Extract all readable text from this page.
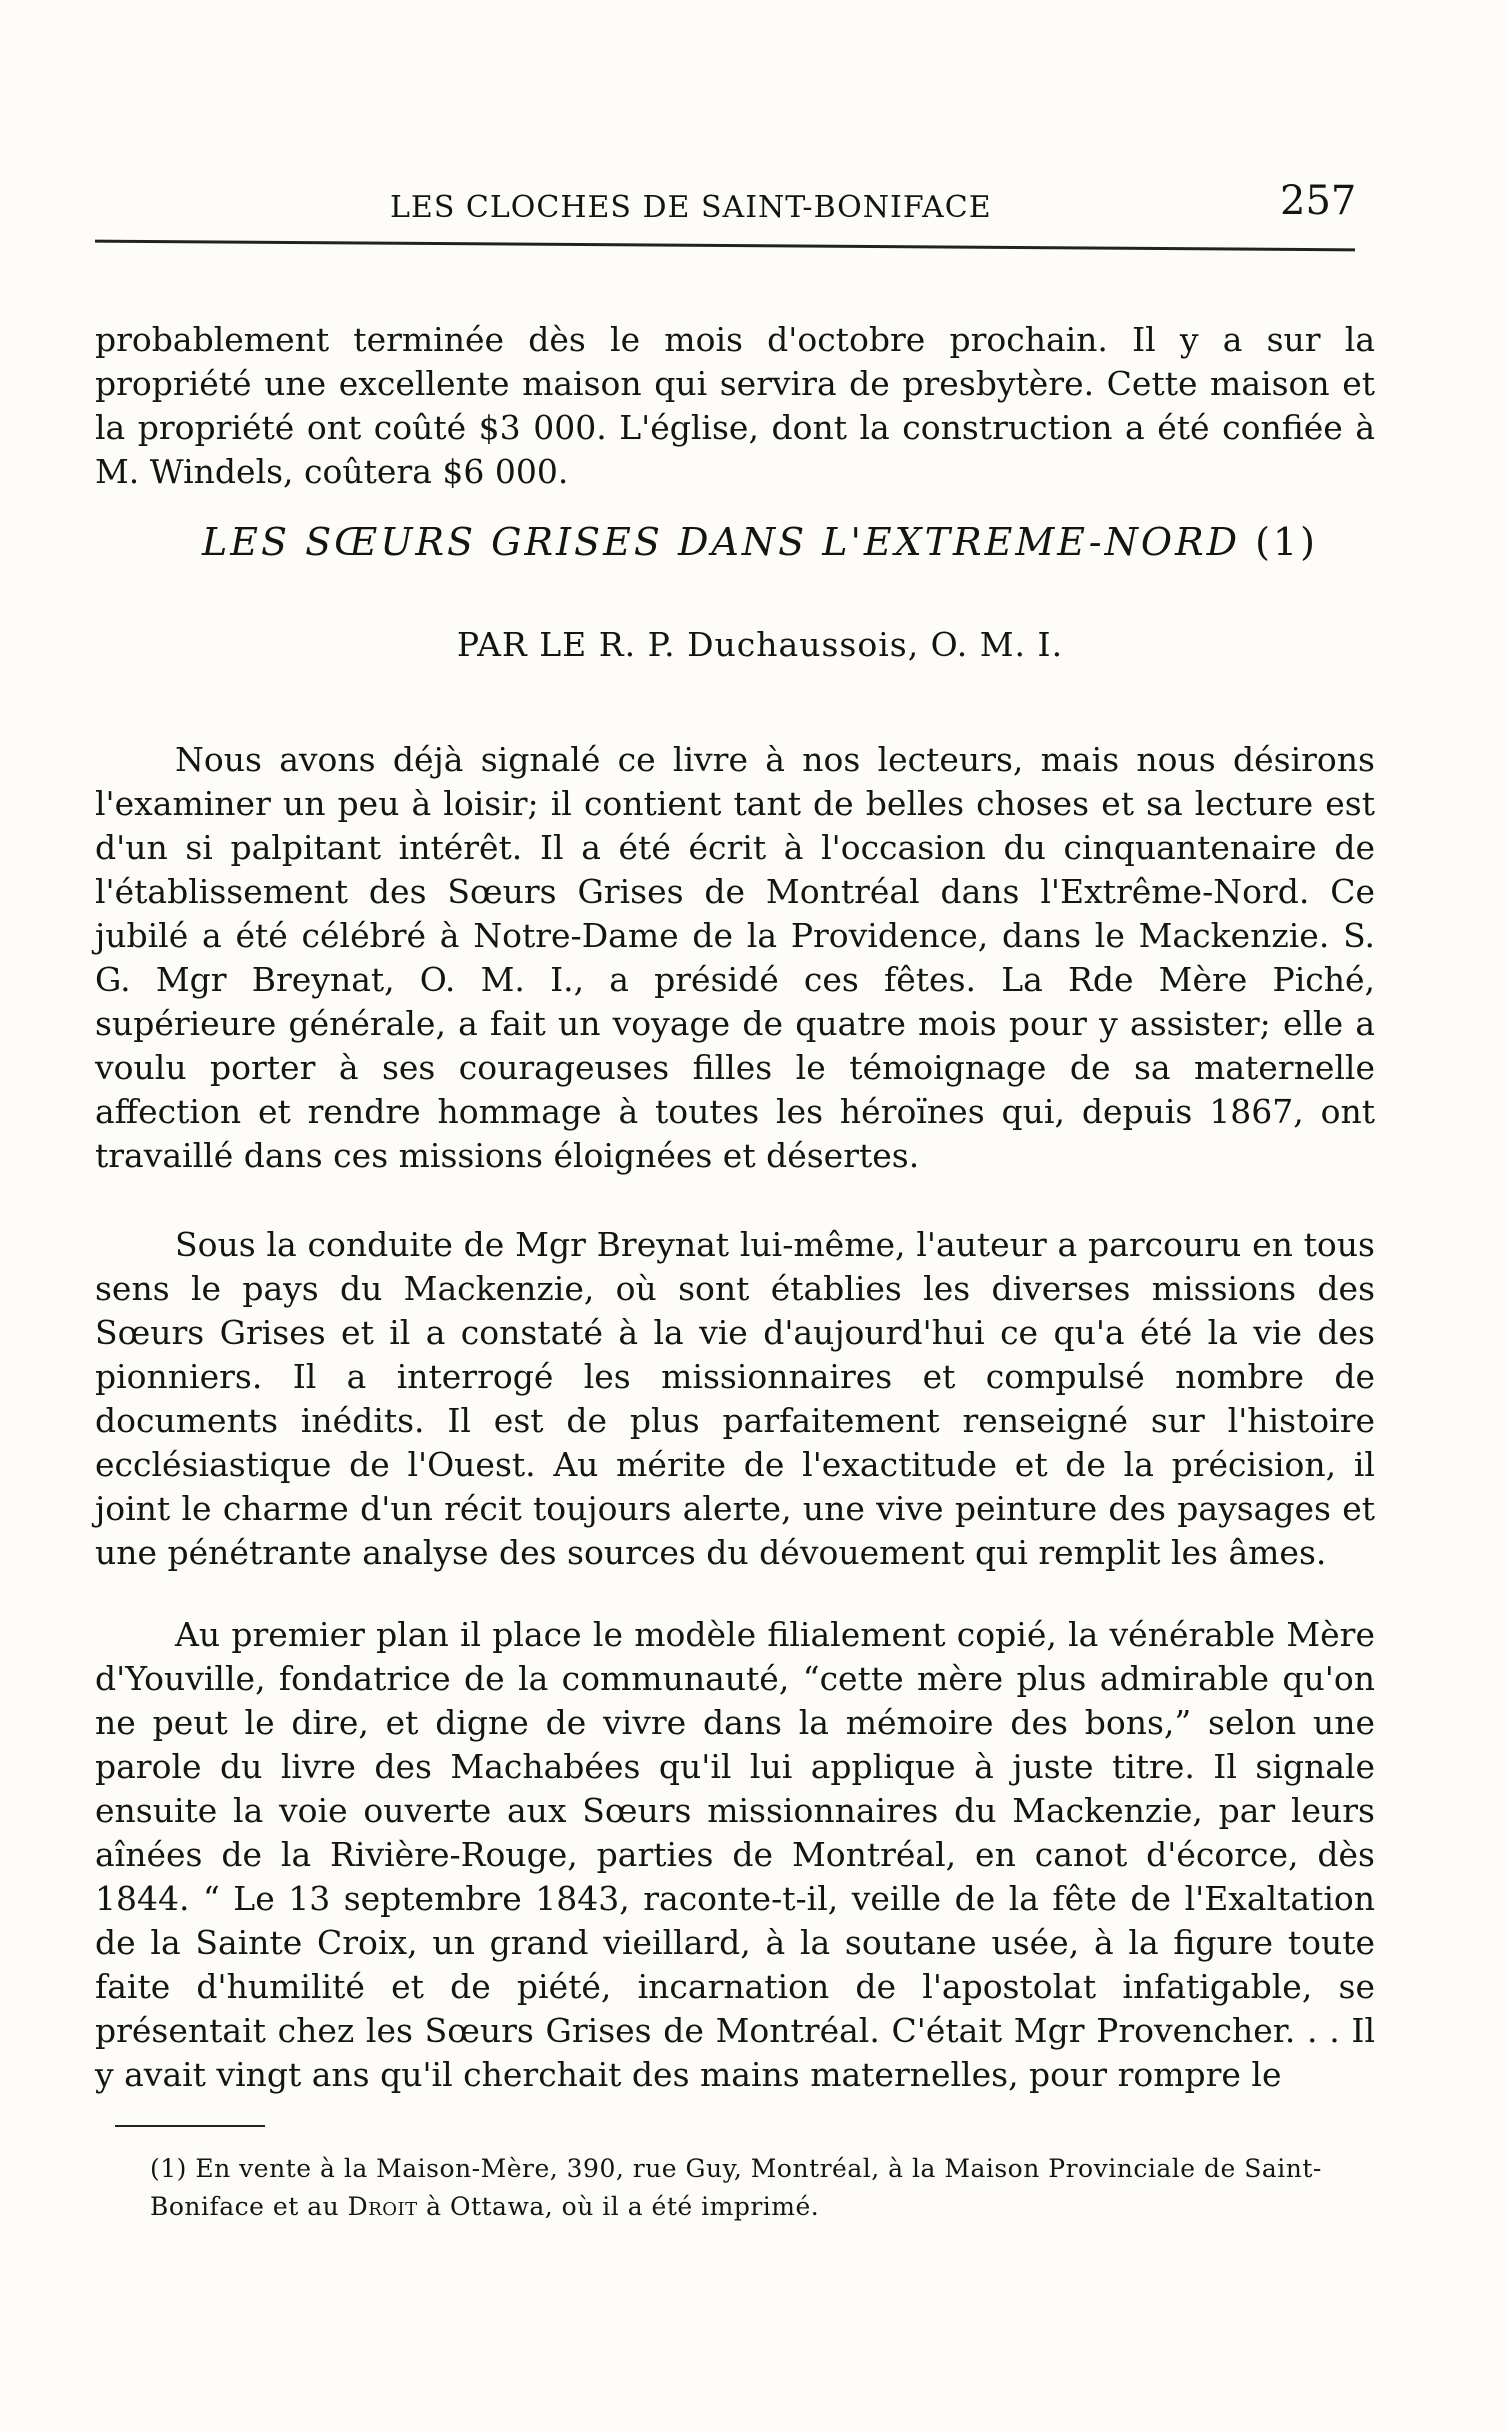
LES CLOCHES DE SAINT-BONIFACE	257

probablement terminée dès le mois d'octobre prochain. Il y a sur la propriété une excellente maison qui servira de presbytère. Cette maison et la propriété ont coûté $3 000. L'église, dont la construction a été confiée à M. Windels, coûtera $6 000.

LES SŒURS GRISES DANS L'EXTREME-NORD (1)
PAR LE R. P. Duchaussois, O. M. I.

Nous avons déjà signalé ce livre à nos lecteurs, mais nous désirons l'examiner un peu à loisir; il contient tant de belles choses et sa lecture est d'un si palpitant intérêt. Il a été écrit à l'occasion du cinquantenaire de l'établissement des Sœurs Grises de Montréal dans l'Extrême-Nord. Ce jubilé a été célébré à Notre-Dame de la Providence, dans le Mackenzie. S. G. Mgr Breynat, O. M. I., a présidé ces fêtes. La Rde Mère Piché, supérieure générale, a fait un voyage de quatre mois pour y assister; elle a voulu porter à ses courageuses filles le témoignage de sa maternelle affection et rendre hommage à toutes les héroïnes qui, depuis 1867, ont travaillé dans ces missions éloignées et désertes.

Sous la conduite de Mgr Breynat lui-même, l'auteur a parcouru en tous sens le pays du Mackenzie, où sont établies les diverses missions des Sœurs Grises et il a constaté à la vie d'aujourd'hui ce qu'a été la vie des pionniers. Il a interrogé les missionnaires et compulsé nombre de documents inédits. Il est de plus parfaitement renseigné sur l'histoire ecclésiastique de l'Ouest. Au mérite de l'exactitude et de la précision, il joint le charme d'un récit toujours alerte, une vive peinture des paysages et une pénétrante analyse des sources du dévouement qui remplit les âmes.

Au premier plan il place le modèle filialement copié, la vénérable Mère d'Youville, fondatrice de la communauté, “cette mère plus admirable qu'on ne peut le dire, et digne de vivre dans la mémoire des bons,” selon une parole du livre des Machabées qu'il lui applique à juste titre. Il signale ensuite la voie ouverte aux Sœurs missionnaires du Mackenzie, par leurs aînées de la Rivière-Rouge, parties de Montréal, en canot d'écorce, dès 1844. “ Le 13 septembre 1843, raconte-t-il, veille de la fête de l'Exaltation de la Sainte Croix, un grand vieillard, à la soutane usée, à la figure toute faite d'humilité et de piété, incarnation de l'apostolat infatigable, se présentait chez les Sœurs Grises de Montréal. C'était Mgr Provencher. . . Il y avait vingt ans qu'il cherchait des mains maternelles, pour rompre le

(1) En vente à la Maison-Mère, 390, rue Guy, Montréal, à la Maison Provinciale de Saint-Boniface et au Droit à Ottawa, où il a été imprimé.
